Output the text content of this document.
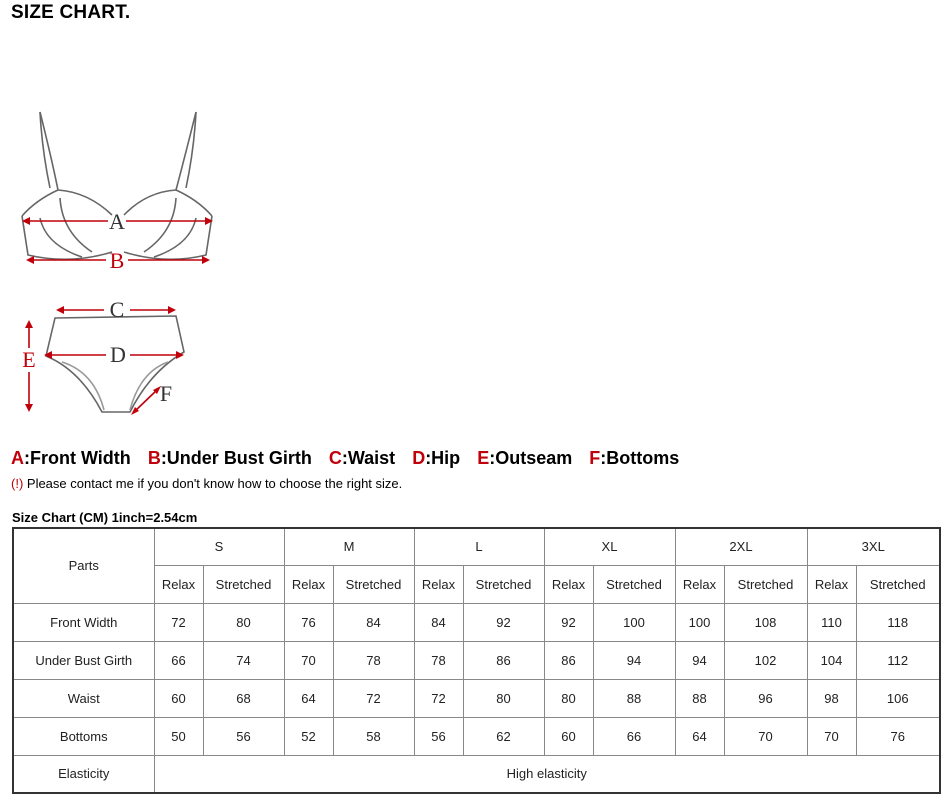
SIZE CHART.
A
B
C
D
E
F
A:Front Width B:Under Bust Girth C:Waist D:Hip E:Outseam F:Bottoms
(!) Please contact me if you don't know how to choose the right size.
Size Chart (CM) 1inch=2.54cm
Parts	S		M		L		XL		2XL		3XL	
	Relax	Stretched	Relax	Stretched	Relax	Stretched	Relax	Stretched	Relax	Stretched	Relax	Stretched
Front Width	72	80	76	84	84	92	92	100	100	108	110	118
Under Bust Girth	66	74	70	78	78	86	86	94	94	102	104	112
Waist	60	68	64	72	72	80	80	88	88	96	98	106
Bottoms	50	56	52	58	56	62	60	66	64	70	70	76
Elasticity	High elasticity											
